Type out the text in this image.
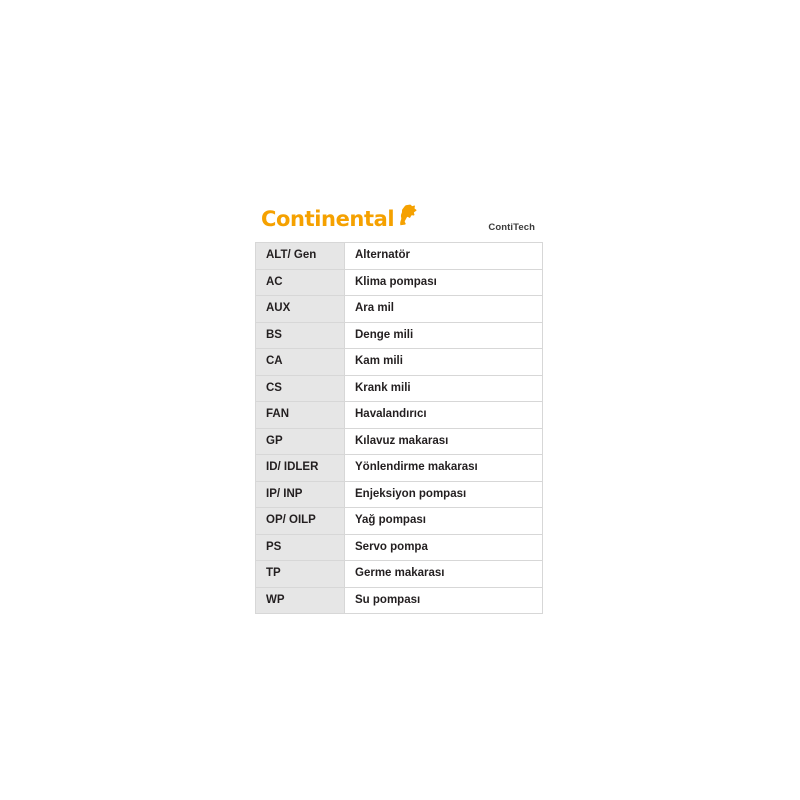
Continental	ContiTech
ALT/ Gen	Alternatör
AC	Klima pompası
AUX	Ara mil
BS	Denge mili
CA	Kam mili
CS	Krank mili
FAN	Havalandırıcı
GP	Kılavuz makarası
ID/ IDLER	Yönlendirme makarası
IP/ INP	Enjeksiyon pompası
OP/ OILP	Yağ pompası
PS	Servo pompa
TP	Germe makarası
WP	Su pompası
